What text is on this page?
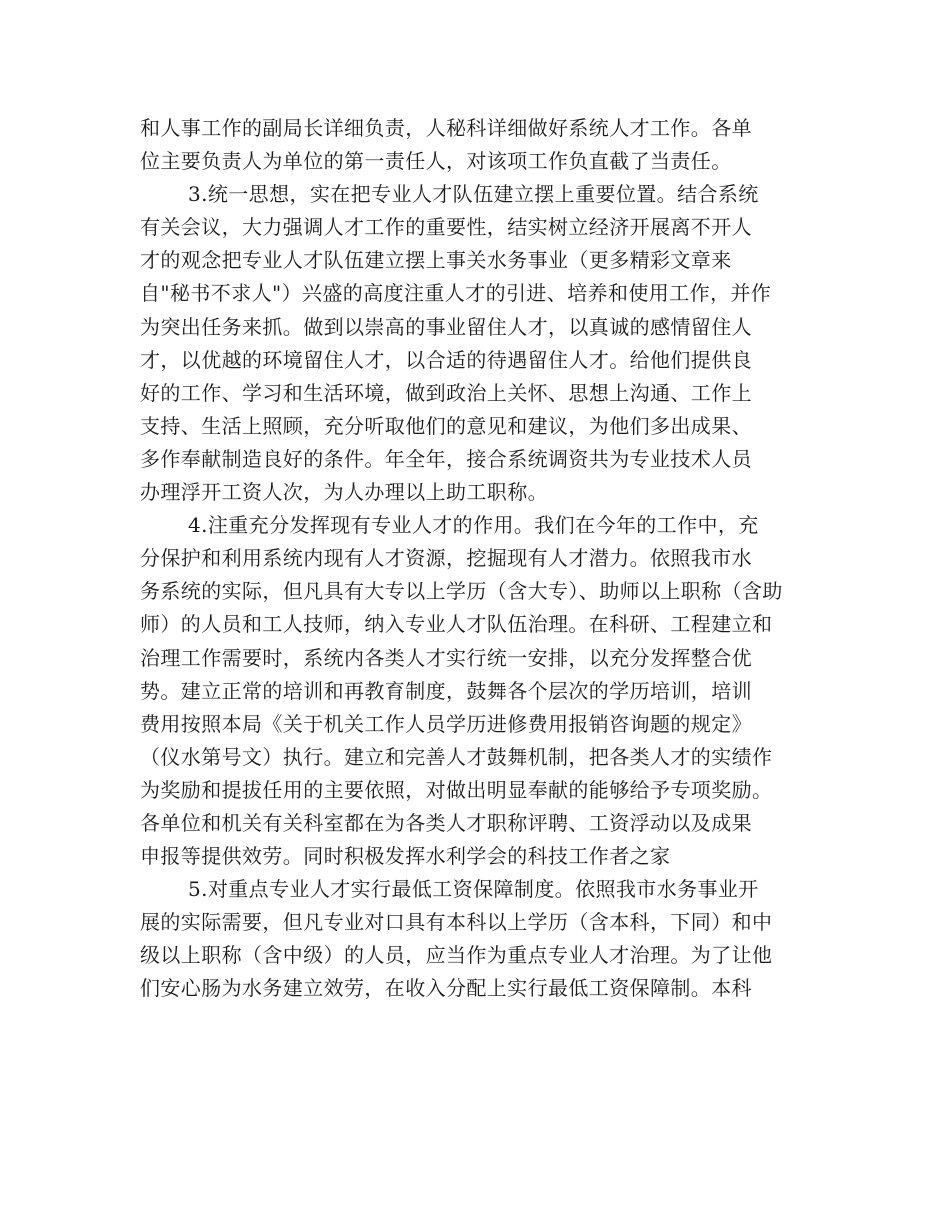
和人事工作的副局长详细负责，人秘科详细做好系统人才工作。各单
位主要负责人为单位的第一责任人，对该项工作负直截了当责任。
3.统一思想，实在把专业人才队伍建立摆上重要位置。结合系统
有关会议，大力强调人才工作的重要性，结实树立经济开展离不开人
才的观念把专业人才队伍建立摆上事关水务事业（更多精彩文章来
自"秘书不求人"）兴盛的高度注重人才的引进、培养和使用工作，并作
为突出任务来抓。做到以崇高的事业留住人才，以真诚的感情留住人
才，以优越的环境留住人才，以合适的待遇留住人才。给他们提供良
好的工作、学习和生活环境，做到政治上关怀、思想上沟通、工作上
支持、生活上照顾，充分听取他们的意见和建议，为他们多出成果、
多作奉献制造良好的条件。年全年，接合系统调资共为专业技术人员
办理浮开工资人次，为人办理以上助工职称。
4.注重充分发挥现有专业人才的作用。我们在今年的工作中，充
分保护和利用系统内现有人才资源，挖掘现有人才潜力。依照我市水
务系统的实际，但凡具有大专以上学历（含大专）、助师以上职称（含助
师）的人员和工人技师，纳入专业人才队伍治理。在科研、工程建立和
治理工作需要时，系统内各类人才实行统一安排，以充分发挥整合优
势。建立正常的培训和再教育制度，鼓舞各个层次的学历培训，培训
费用按照本局《关于机关工作人员学历进修费用报销咨询题的规定》
（仪水第号文）执行。建立和完善人才鼓舞机制，把各类人才的实绩作
为奖励和提拔任用的主要依照，对做出明显奉献的能够给予专项奖励。
各单位和机关有关科室都在为各类人才职称评聘、工资浮动以及成果
申报等提供效劳。同时积极发挥水利学会的科技工作者之家
5.对重点专业人才实行最低工资保障制度。依照我市水务事业开
展的实际需要，但凡专业对口具有本科以上学历（含本科，下同）和中
级以上职称（含中级）的人员，应当作为重点专业人才治理。为了让他
们安心肠为水务建立效劳，在收入分配上实行最低工资保障制。本科
